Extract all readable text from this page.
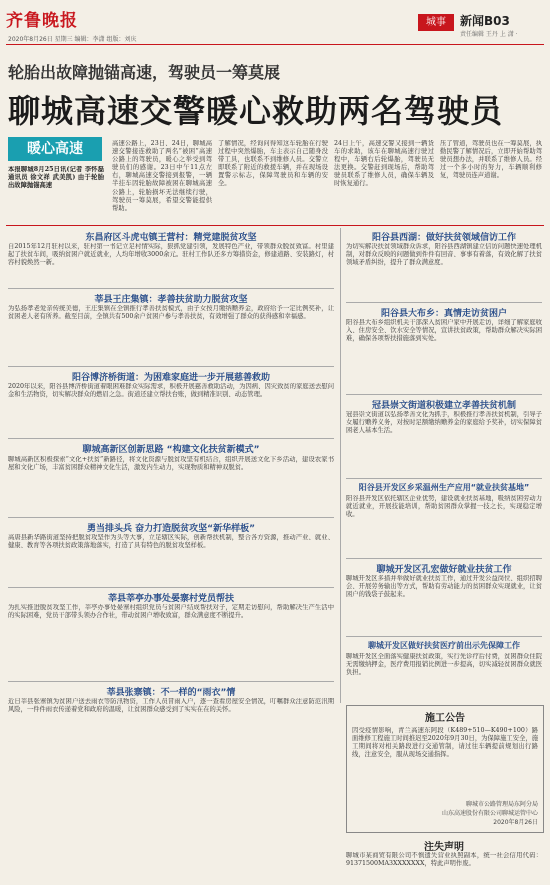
齐鲁晚报
2020年8月26日 星期三 编辑：李潇 组版：刘庆
城事	新闻B03
责任编辑 王丹 上 潇 ·
轮胎出故障抛锚高速，驾驶员一筹莫展
聊城高速交警暖心救助两名驾驶员
暖心高速
本报聊城8月25日讯(记者 李怀磊 通讯员 徐文祥 武美凯) 由于轮胎出故障抛锚高速
高速公路上，23日、24日，聊城高速交警接连救助了两名“被困”高速公路上的驾驶员，暖心之举受到驾驶员们的感谢。23日中午11点左右，聊城高速交警接到报警，一辆半挂车因轮胎故障被困在聊城高速公路上，轮胎损坏无法继续行驶，驾驶员一筹莫展，希望交警能提供帮助。
了解情况，经询问得知这车轮胎在行驶过程中突然爆胎，车主表示自己随身没带工具，也联系不到维修人员。交警立即联系了附近的救援车辆，并在现场设置警示标志，保障驾驶员和车辆的安全。
24日上午，高速交警又接到一辆货车的求助，该车在聊城高速行驶过程中，车辆右后轮爆胎，驾驶员无法更换。交警赶到现场后，帮助驾驶员联系了维修人员，确保车辆及时恢复通行。
压了管道，驾驶员也在一筹莫展，执勤民警了解情况后，立即开始帮助驾驶员想办法，并联系了维修人员。经过一个多小时的努力，车辆顺利修复，驾驶员连声道谢。
东昌府区斗虎屯镇王营村：精党建脱贫攻坚
自2015年12月驻村以来，驻村第一书记立足村情实际，狠抓党建引领，发展特色产业，带领群众脱贫致富。村里建起了扶贫车间，吸纳贫困户就近就业，人均年增收3000余元。驻村工作队还多方筹措资金，修建道路、安装路灯，村容村貌焕然一新。
莘县王庄集镇：孝善扶贫助力脱贫攻坚
为弘扬孝老爱亲传统美德，王庄集镇在全镇推行孝善扶贫模式，由子女按月缴纳赡养金，政府给予一定比例奖补，让贫困老人老有所养。截至目前，全镇共有500余户贫困户参与孝善扶贫，有效增强了群众的获得感和幸福感。
阳谷博济桥街道：为困难家庭进一步开展慈善救助
2020年以来，阳谷县博济桥街道着眼困难群众实际需求，积极开展慈善救助活动，为因病、因灾致贫的家庭送去慰问金和生活物资，切实解决群众的燃眉之急。街道还建立帮扶台账，做到精准识别、动态管理。
聊城高新区创新思路 “构建文化扶贫新模式”
聊城高新区积极探索“文化+扶贫”新路径，将文化资源与脱贫攻坚有机结合，组织开展送文化下乡活动，建设农家书屋和文化广场，丰富贫困群众精神文化生活，激发内生动力，实现物质和精神双脱贫。
勇当排头兵 奋力打造脱贫攻坚“新华样板”
高唐县新华路街道坚持把脱贫攻坚作为头等大事，立足辖区实际，创新帮扶机制，整合各方资源，推动产业、就业、健康、教育等各项扶贫政策落地落实，打造了具有特色的脱贫攻坚样板。
莘县莘亭办事处晏寨村党员帮扶
为扎实推进脱贫攻坚工作，莘亭办事处晏寨村组织党员与贫困户结成帮扶对子，定期走访慰问，帮助解决生产生活中的实际困难，党员干部带头领办合作社，带动贫困户增收致富，群众满意度不断提升。
莘县张寨镇：不一样的“雨衣”情
近日莘县张寨镇为贫困户送去雨衣等防汛物资，工作人员冒雨入户，逐一查看房屋安全情况，叮嘱群众注意防范汛期风险，一件件雨衣传递着党和政府的温暖，让贫困群众感受到了实实在在的关怀。
阳谷县西湖：做好扶贫领域信访工作
为切实解决扶贫领域群众诉求，阳谷县西湖镇建立信访问题快速处理机制，对群众反映的问题做到件件有回音、事事有着落，有效化解了扶贫领域矛盾纠纷，提升了群众满意度。
阳谷县大布乡：真情走访贫困户
阳谷县大布乡组织机关干部深入贫困户家中开展走访，详细了解家庭收入、住房安全、饮水安全等情况，宣讲扶贫政策，帮助群众解决实际困难，确保各项帮扶措施落到实处。
冠县崇文街道积极建立孝善扶贫机制
冠县崇文街道以弘扬孝善文化为抓手，积极推行孝善扶贫机制，引导子女履行赡养义务，对按时足额缴纳赡养金的家庭给予奖补，切实保障贫困老人基本生活。
阳谷县开发区乡采温州生产应用“就业扶贫基地”
阳谷县开发区依托辖区企业优势，建设就业扶贫基地，吸纳贫困劳动力就近就业，开展技能培训，帮助贫困群众掌握一技之长，实现稳定增收。
聊城开发区孔宏做好就业扶贫工作
聊城开发区多措并举做好就业扶贫工作，通过开发公益岗位、组织招聘会、开展劳务输出等方式，帮助有劳动能力的贫困群众实现就业，让贫困户的钱袋子鼓起来。
聊城开发区做好扶贫医疗前出示先保障工作
聊城开发区全面落实健康扶贫政策，实行先诊疗后付费，贫困群众住院无需缴纳押金，医疗费用报销比例进一步提高，切实减轻贫困群众就医负担。
施工公告
因受疫情影响，青兰高速东阿段（K489+510—K490+100）路面维修工程施工时间推迟至2020年9月30日，为保障施工安全，施工期间将对相关路段进行交通管制，请过往车辆提前规划出行路线，注意安全，服从现场交通指挥。
聊城市公路管理局东阿分局
山东高速股份有限公司聊城运管中心
2020年8月26日
注失声明
聊城市某商贸有限公司不慎遗失营业执照副本，统一社会信用代码：91371500MA3XXXXXXX，特此声明作废。
